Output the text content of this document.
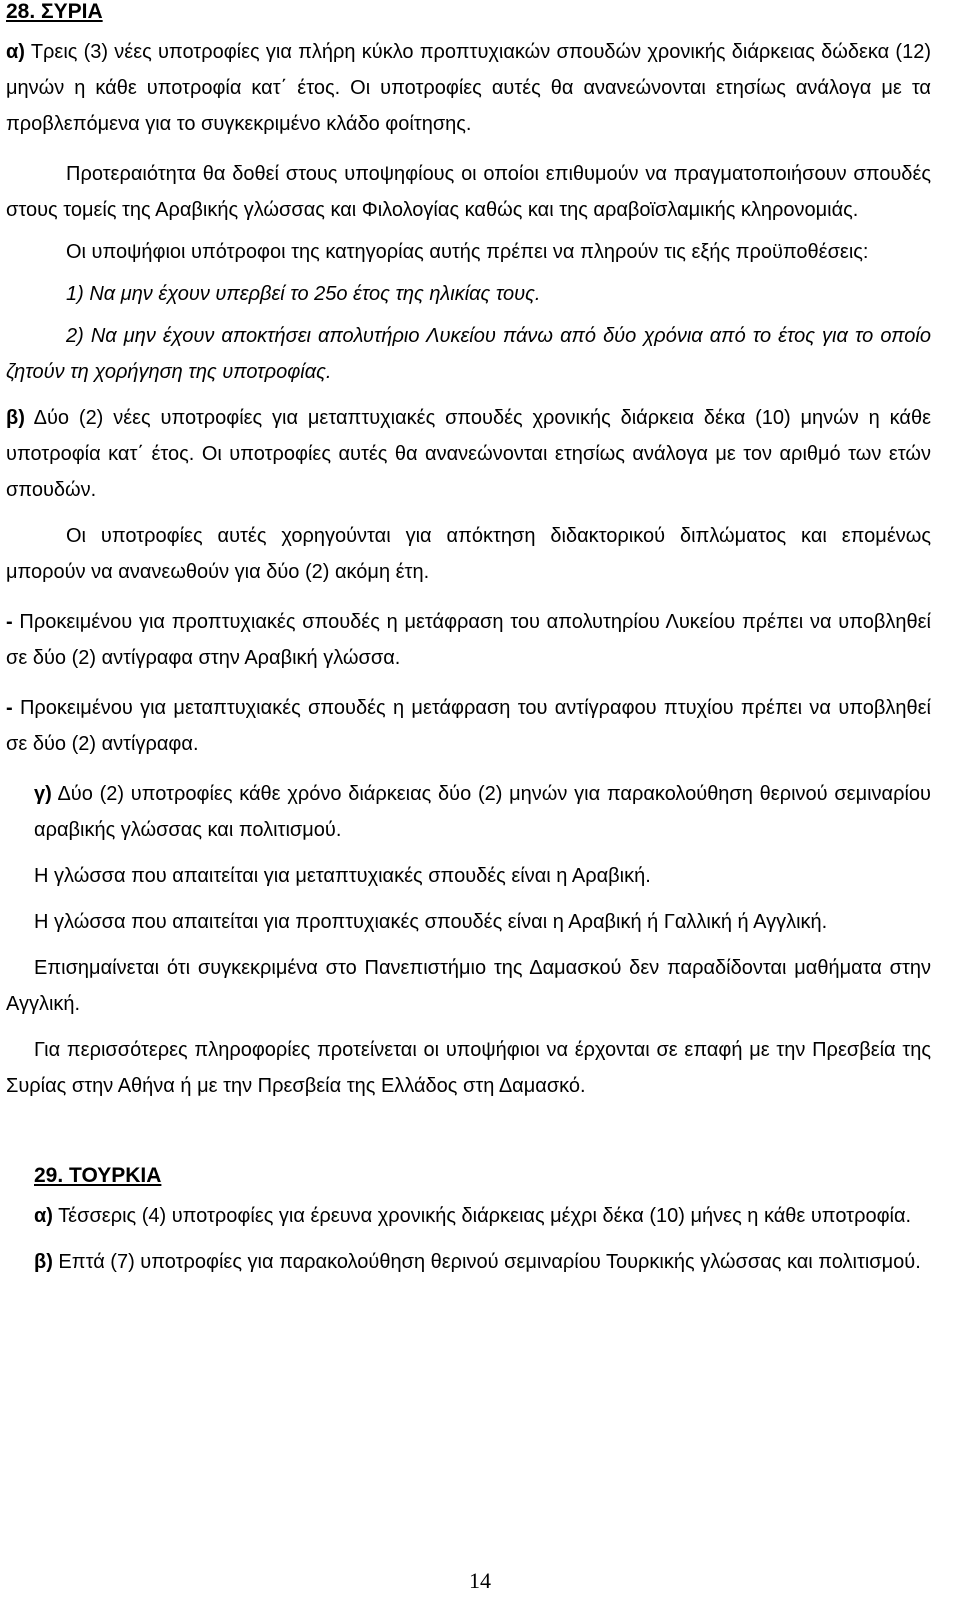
28. ΣΥΡΙΑ

α) Τρεις (3) νέες υποτροφίες για πλήρη κύκλο προπτυχιακών σπουδών χρονικής διάρκειας δώδεκα (12) μηνών η κάθε υποτροφία κατ΄ έτος. Οι υποτροφίες αυτές θα ανανεώνονται ετησίως ανάλογα με τα προβλεπόμενα για το συγκεκριμένο κλάδο φοίτησης.

Προτεραιότητα θα δοθεί στους υποψηφίους οι οποίοι επιθυμούν να πραγματοποιήσουν σπουδές στους τομείς της Αραβικής γλώσσας και Φιλολογίας καθώς και της αραβοϊσλαμικής κληρονομιάς.

Οι υποψήφιοι υπότροφοι της κατηγορίας αυτής πρέπει να πληρούν τις εξής προϋποθέσεις:

1) Να μην έχουν υπερβεί το 25ο έτος της ηλικίας τους.

2) Να μην έχουν αποκτήσει απολυτήριο Λυκείου πάνω από δύο χρόνια από το έτος για το οποίο ζητούν τη χορήγηση της υποτροφίας.

β) Δύο (2) νέες υποτροφίες για μεταπτυχιακές σπουδές χρονικής διάρκεια δέκα (10) μηνών η κάθε υποτροφία κατ΄ έτος. Οι υποτροφίες αυτές θα ανανεώνονται ετησίως ανάλογα με τον αριθμό των ετών σπουδών.

Οι υποτροφίες αυτές χορηγούνται για απόκτηση διδακτορικού διπλώματος και επομένως μπορούν να ανανεωθούν για δύο (2) ακόμη έτη.

- Προκειμένου για προπτυχιακές σπουδές η μετάφραση του απολυτηρίου Λυκείου πρέπει να υποβληθεί σε δύο (2) αντίγραφα στην Αραβική γλώσσα.

- Προκειμένου για μεταπτυχιακές σπουδές η μετάφραση του αντίγραφου πτυχίου πρέπει να υποβληθεί σε δύο (2) αντίγραφα.

γ) Δύο (2) υποτροφίες κάθε χρόνο διάρκειας δύο (2) μηνών για παρακολούθηση θερινού σεμιναρίου αραβικής γλώσσας και πολιτισμού.

Η γλώσσα που απαιτείται για μεταπτυχιακές σπουδές είναι η Αραβική.

Η γλώσσα που απαιτείται για προπτυχιακές σπουδές είναι η Αραβική ή Γαλλική ή Αγγλική.

Επισημαίνεται ότι συγκεκριμένα στο Πανεπιστήμιο της Δαμασκού δεν παραδίδονται μαθήματα στην Αγγλική.

Για περισσότερες πληροφορίες προτείνεται οι υποψήφιοι να έρχονται σε επαφή με την Πρεσβεία της Συρίας στην Αθήνα ή με την Πρεσβεία της Ελλάδος στη Δαμασκό.

29. ΤΟΥΡΚΙΑ

α) Τέσσερις (4) υποτροφίες για έρευνα χρονικής διάρκειας μέχρι δέκα (10) μήνες η κάθε υποτροφία.

β) Επτά (7) υποτροφίες για παρακολούθηση θερινού σεμιναρίου Τουρκικής γλώσσας και πολιτισμού.

14
